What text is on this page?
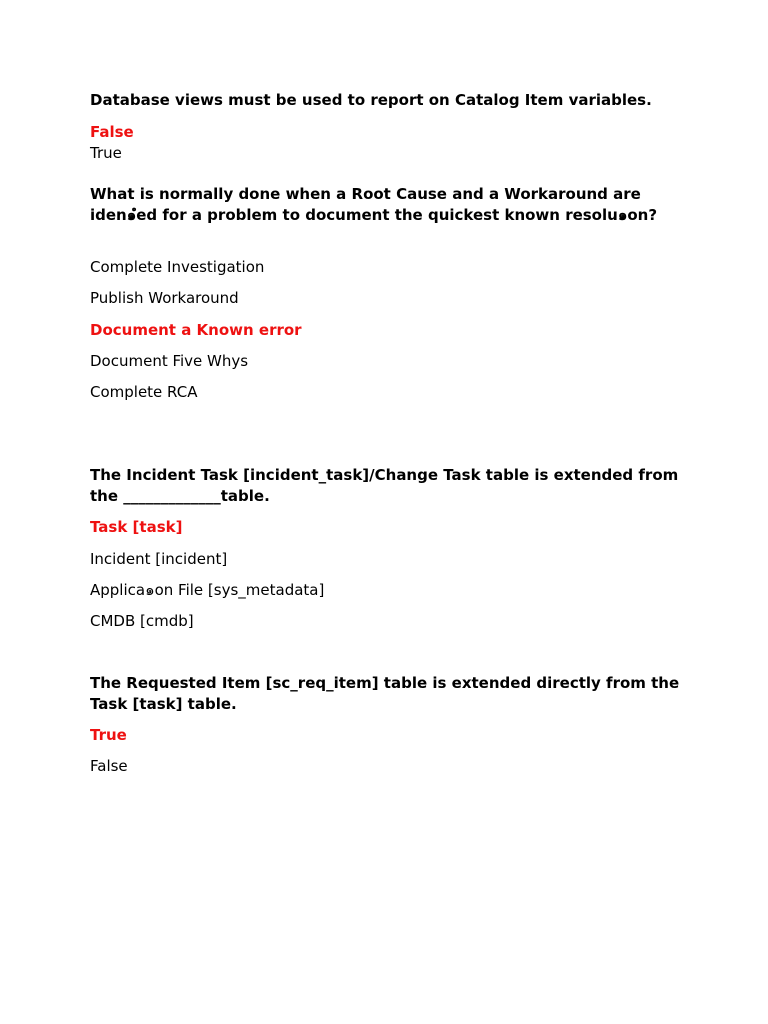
Database views must be used to report on Catalog Item variables.
False
True
What is normally done when a Root Cause and a Workaround are iden๑ํed for a problem to document the quickest known resolu๑on?
Complete Investigation
Publish Workaround
Document a Known error
Document Five Whys
Complete RCA
The Incident Task [incident_task]/Change Task table is extended from the _____________table.
Task [task]
Incident [incident]
Applica๑on File [sys_metadata]
CMDB [cmdb]
The Requested Item [sc_req_item] table is extended directly from the Task [task] table.
True
False
